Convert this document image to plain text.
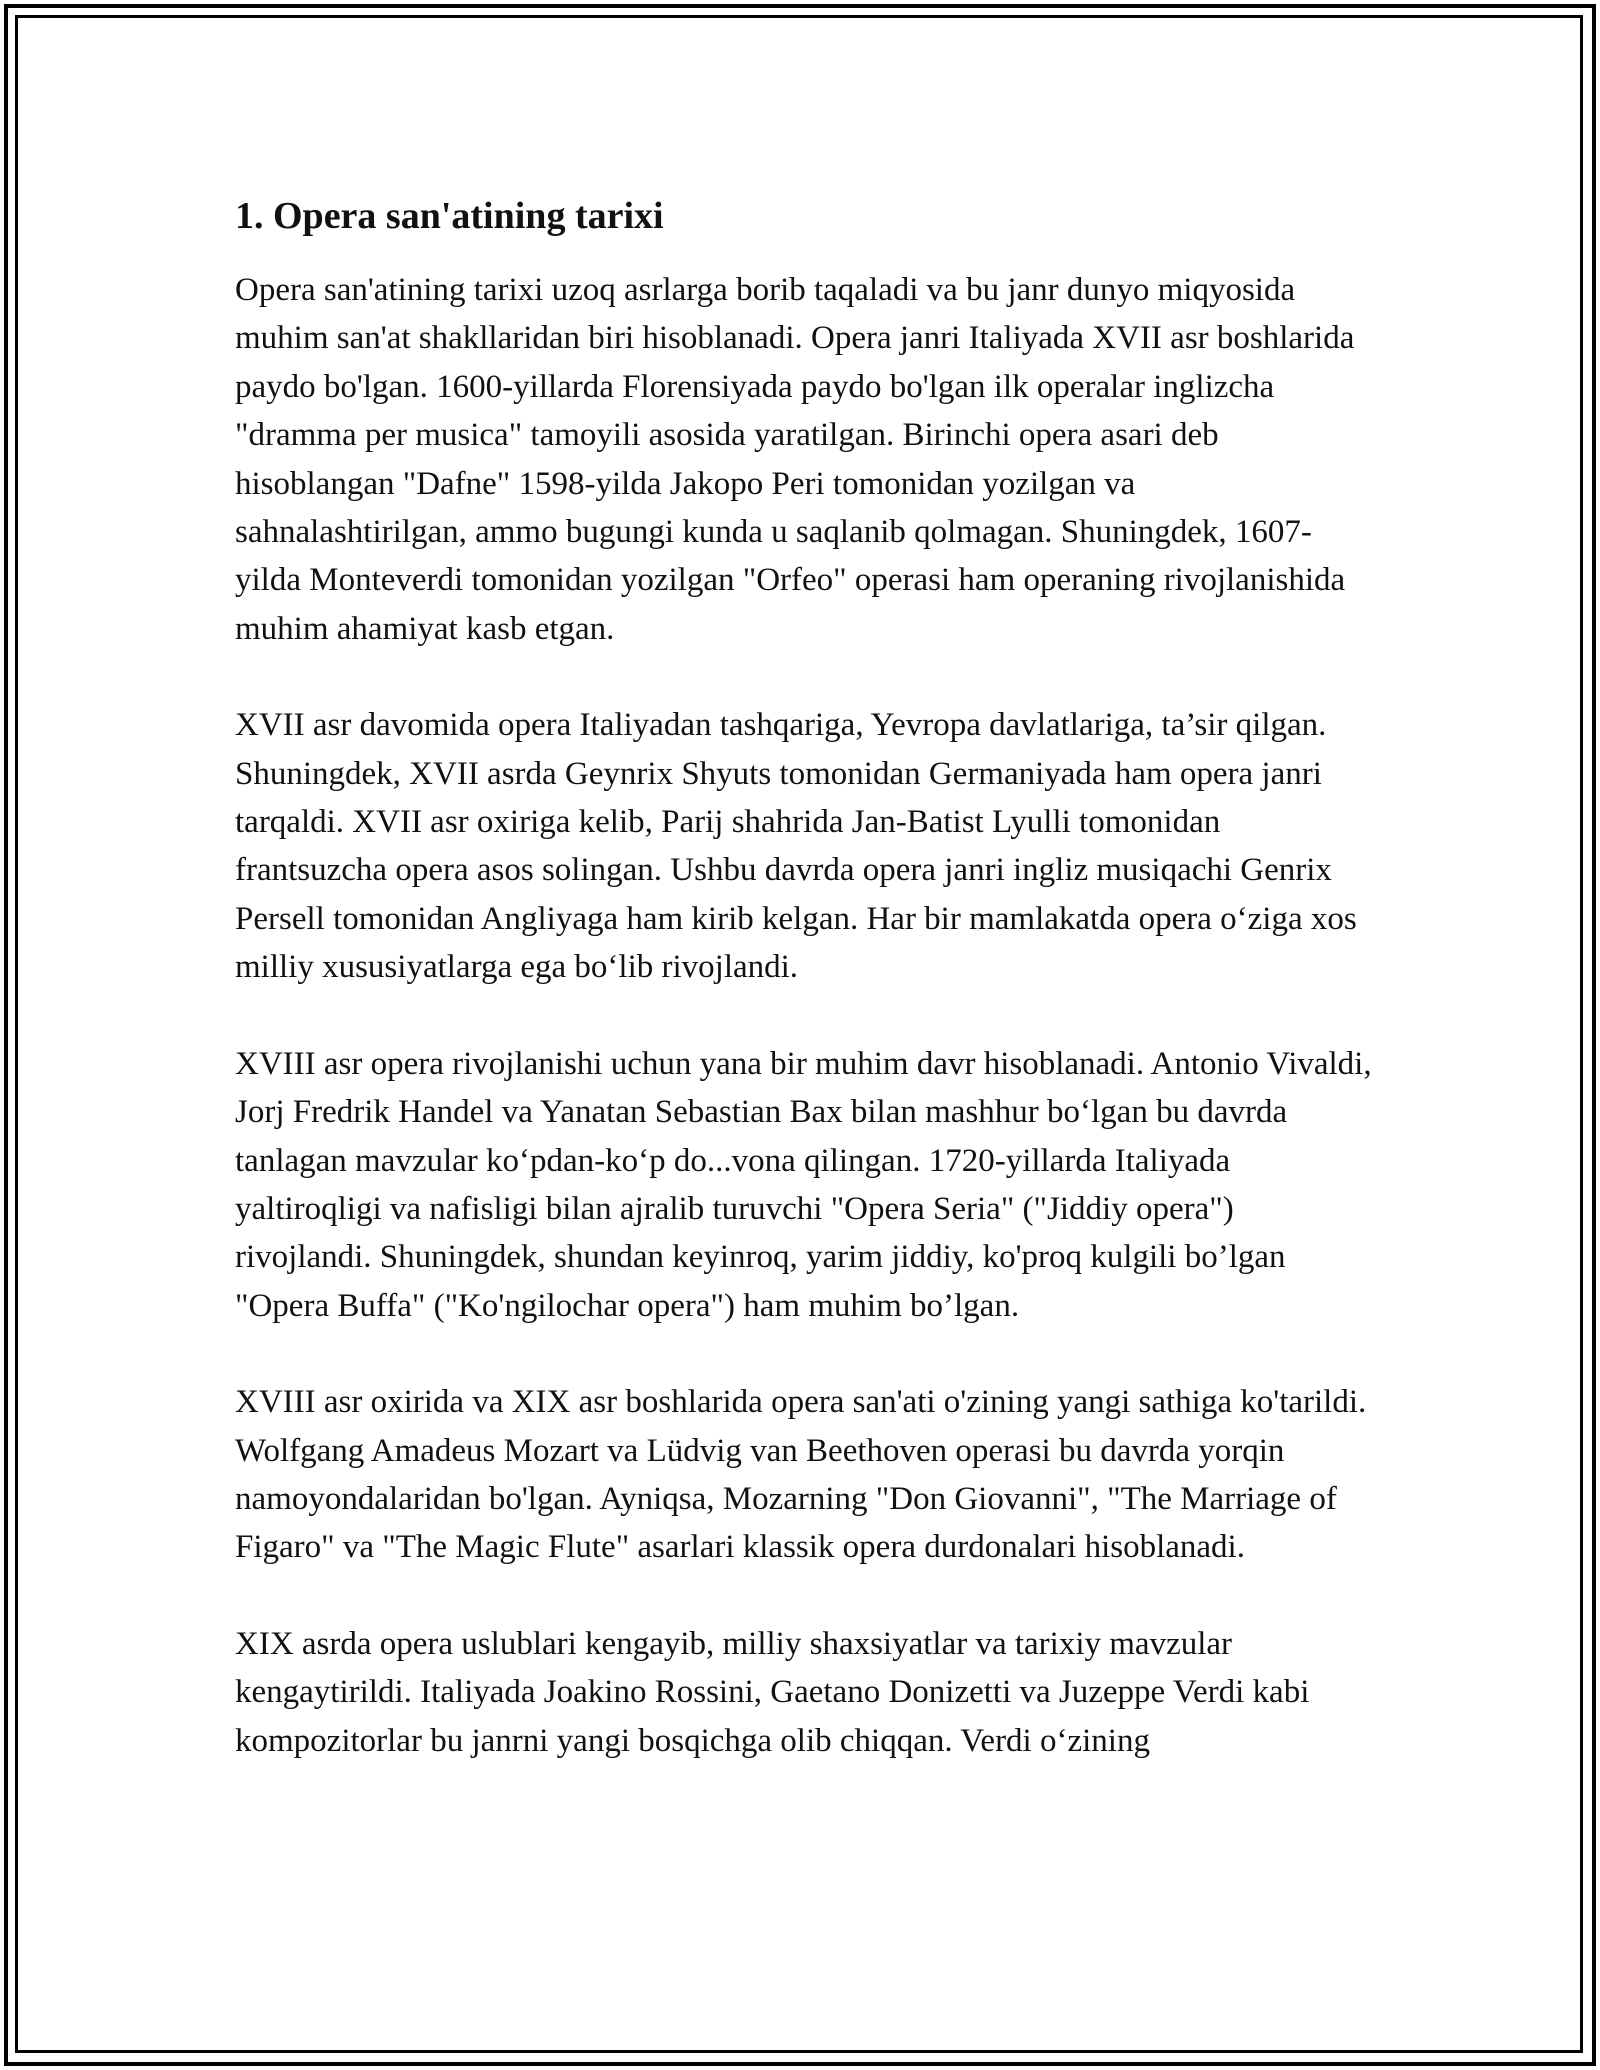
1. Opera san'atining tarixi

Opera san'atining tarixi uzoq asrlarga borib taqaladi va bu janr dunyo miqyosida muhim san'at shakllaridan biri hisoblanadi. Opera janri Italiyada XVII asr boshlarida paydo bo'lgan. 1600-yillarda Florensiyada paydo bo'lgan ilk operalar inglizcha "dramma per musica" tamoyili asosida yaratilgan. Birinchi opera asari deb hisoblangan "Dafne" 1598-yilda Jakopo Peri tomonidan yozilgan va sahnalashtirilgan, ammo bugungi kunda u saqlanib qolmagan. Shuningdek, 1607-yilda Monteverdi tomonidan yozilgan "Orfeo" operasi ham operaning rivojlanishida muhim ahamiyat kasb etgan.

XVII asr davomida opera Italiyadan tashqariga, Yevropa davlatlariga, ta’sir qilgan. Shuningdek, XVII asrda Geynrix Shyuts tomonidan Germaniyada ham opera janri tarqaldi. XVII asr oxiriga kelib, Parij shahrida Jan-Batist Lyulli tomonidan frantsuzcha opera asos solingan. Ushbu davrda opera janri ingliz musiqachi Genrix Persell tomonidan Angliyaga ham kirib kelgan. Har bir mamlakatda opera o‘ziga xos milliy xususiyatlarga ega bo‘lib rivojlandi.

XVIII asr opera rivojlanishi uchun yana bir muhim davr hisoblanadi. Antonio Vivaldi, Jorj Fredrik Handel va Yanatan Sebastian Bax bilan mashhur bo‘lgan bu davrda tanlagan mavzular ko‘pdan-ko‘p do...vona qilingan. 1720-yillarda Italiyada yaltiroqligi va nafisligi bilan ajralib turuvchi "Opera Seria" ("Jiddiy opera") rivojlandi. Shuningdek, shundan keyinroq, yarim jiddiy, ko'proq kulgili bo’lgan "Opera Buffa" ("Ko'ngilochar opera") ham muhim bo’lgan.

XVIII asr oxirida va XIX asr boshlarida opera san'ati o'zining yangi sathiga ko'tarildi. Wolfgang Amadeus Mozart va Lüdvig van Beethoven operasi bu davrda yorqin namoyondalaridan bo'lgan. Ayniqsa, Mozarning "Don Giovanni", "The Marriage of Figaro" va "The Magic Flute" asarlari klassik opera durdonalari hisoblanadi.

XIX asrda opera uslublari kengayib, milliy shaxsiyatlar va tarixiy mavzular kengaytirildi. Italiyada Joakino Rossini, Gaetano Donizetti va Juzeppe Verdi kabi kompozitorlar bu janrni yangi bosqichga olib chiqqan. Verdi o‘zining
